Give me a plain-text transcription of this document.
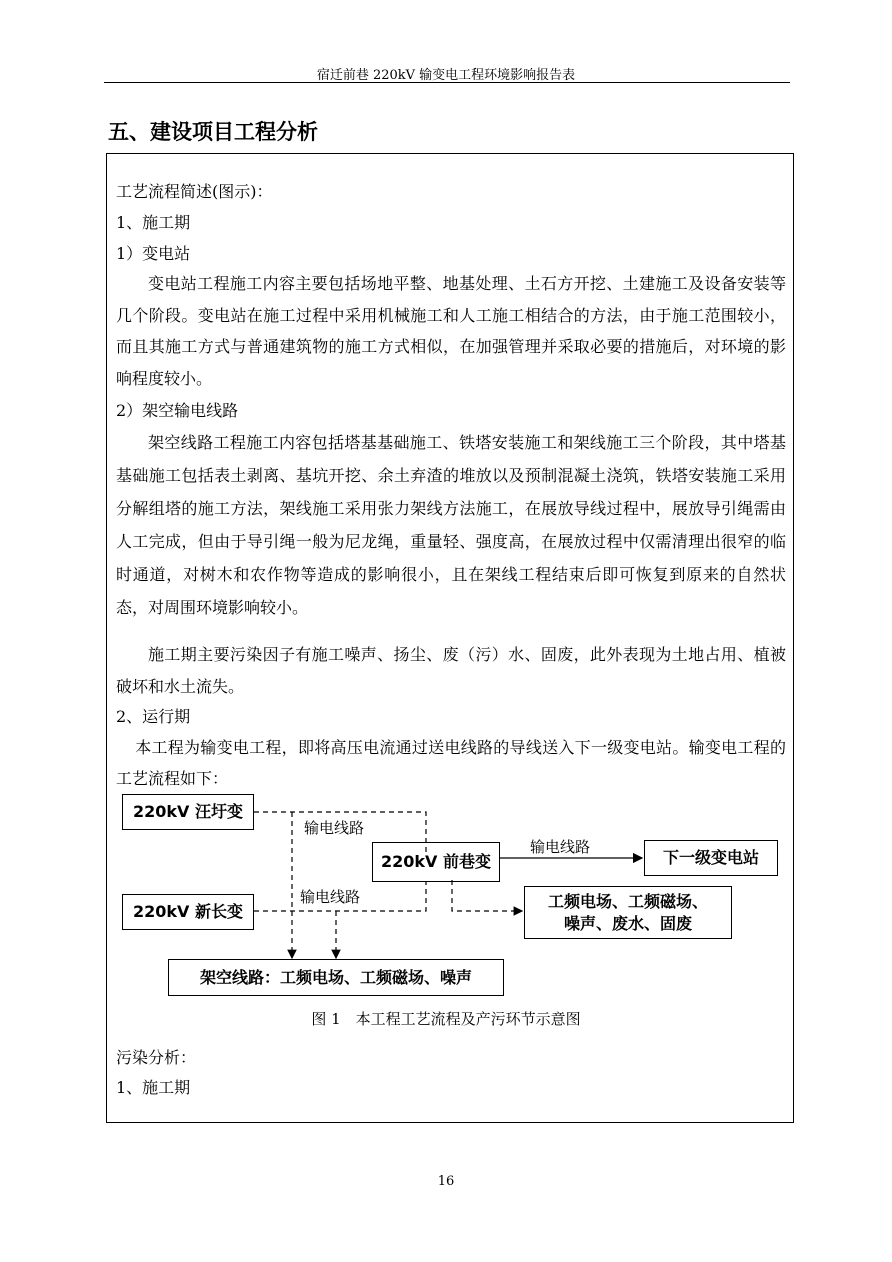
宿迁前巷 220kV 输变电工程环境影响报告表
五、建设项目工程分析
工艺流程简述(图示)：
1、施工期
1）变电站
变电站工程施工内容主要包括场地平整、地基处理、土石方开挖、土建施工及设备安装等几个阶段。变电站在施工过程中采用机械施工和人工施工相结合的方法，由于施工范围较小，而且其施工方式与普通建筑物的施工方式相似，在加强管理并采取必要的措施后，对环境的影响程度较小。
2）架空输电线路
架空线路工程施工内容包括塔基基础施工、铁塔安装施工和架线施工三个阶段，其中塔基基础施工包括表土剥离、基坑开挖、余土弃渣的堆放以及预制混凝土浇筑，铁塔安装施工采用分解组塔的施工方法，架线施工采用张力架线方法施工，在展放导线过程中，展放导引绳需由人工完成，但由于导引绳一般为尼龙绳，重量轻、强度高，在展放过程中仅需清理出很窄的临时通道，对树木和农作物等造成的影响很小，且在架线工程结束后即可恢复到原来的自然状态，对周围环境影响较小。
施工期主要污染因子有施工噪声、扬尘、废（污）水、固废，此外表现为土地占用、植被破坏和水土流失。
2、运行期
本工程为输变电工程，即将高压电流通过送电线路的导线送入下一级变电站。输变电工程的工艺流程如下：
220kV 汪圩变
220kV 新长变
220kV 前巷变	下一级变电站
工频电场、工频磁场、
噪声、废水、固废
架空线路：工频电场、工频磁场、噪声
输电线路
输电线路
输电线路
图 1　本工程工艺流程及产污环节示意图
污染分析：
1、施工期
16
